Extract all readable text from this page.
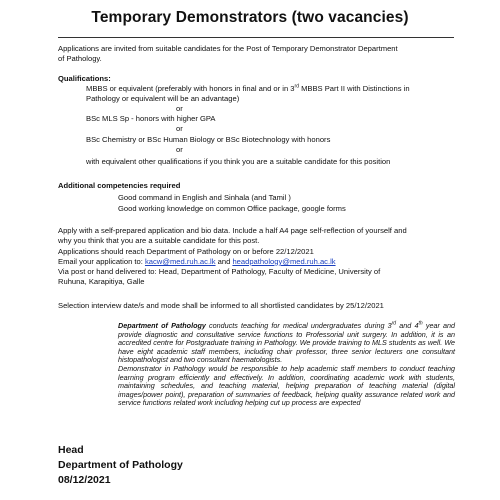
Temporary Demonstrators (two vacancies)
Applications are invited from suitable candidates for the Post of Temporary Demonstrator Department
of Pathology.
Qualifications:
MBBS or equivalent (preferably with honors in final and or in 3rd MBBS Part II with Distinctions in
Pathology or equivalent will be an advantage)
or
BSc MLS Sp - honors with higher GPA
or
BSc Chemistry or BSc Human Biology or BSc Biotechnology with honors
or
with equivalent other qualifications if you think you are a suitable candidate for this position
Additional competencies required
Good command in English and Sinhala (and Tamil )
Good working knowledge on common Office package, google forms
Apply with a self-prepared application and bio data. Include a half A4 page self-reflection of yourself and
why you think that you are a suitable candidate for this post.
Applications should reach Department of Pathology on or before 22/12/2021
Email your application to: kacw@med.ruh.ac.lk and headpathology@med.ruh.ac.lk
Via post or hand delivered to: Head, Department of Pathology, Faculty of Medicine, University of
Ruhuna, Karapitiya, Galle
Selection interview date/s and mode shall be informed to all shortlisted candidates by 25/12/2021
Department of Pathology conducts teaching for medical undergraduates during 3rd and 4th year and provide diagnostic and consultative service functions to Professorial unit surgery. In addition, it is an accredited centre for Postgraduate training in Pathology. We provide training to MLS students as well. We have eight academic staff members, including chair professor, three senior lecturers one consultant histopathologist and two consultant haematologists.
Demonstrator in Pathology would be responsible to help academic staff members to conduct teaching learning program efficiently and effectively. In addition, coordinating academic work with students, maintaining schedules, and teaching material, helping preparation of teaching material (digital images/power point), preparation of summaries of feedback, helping quality assurance related work and service functions related work including helping cut up process are expected
Head
Department of Pathology
08/12/2021
